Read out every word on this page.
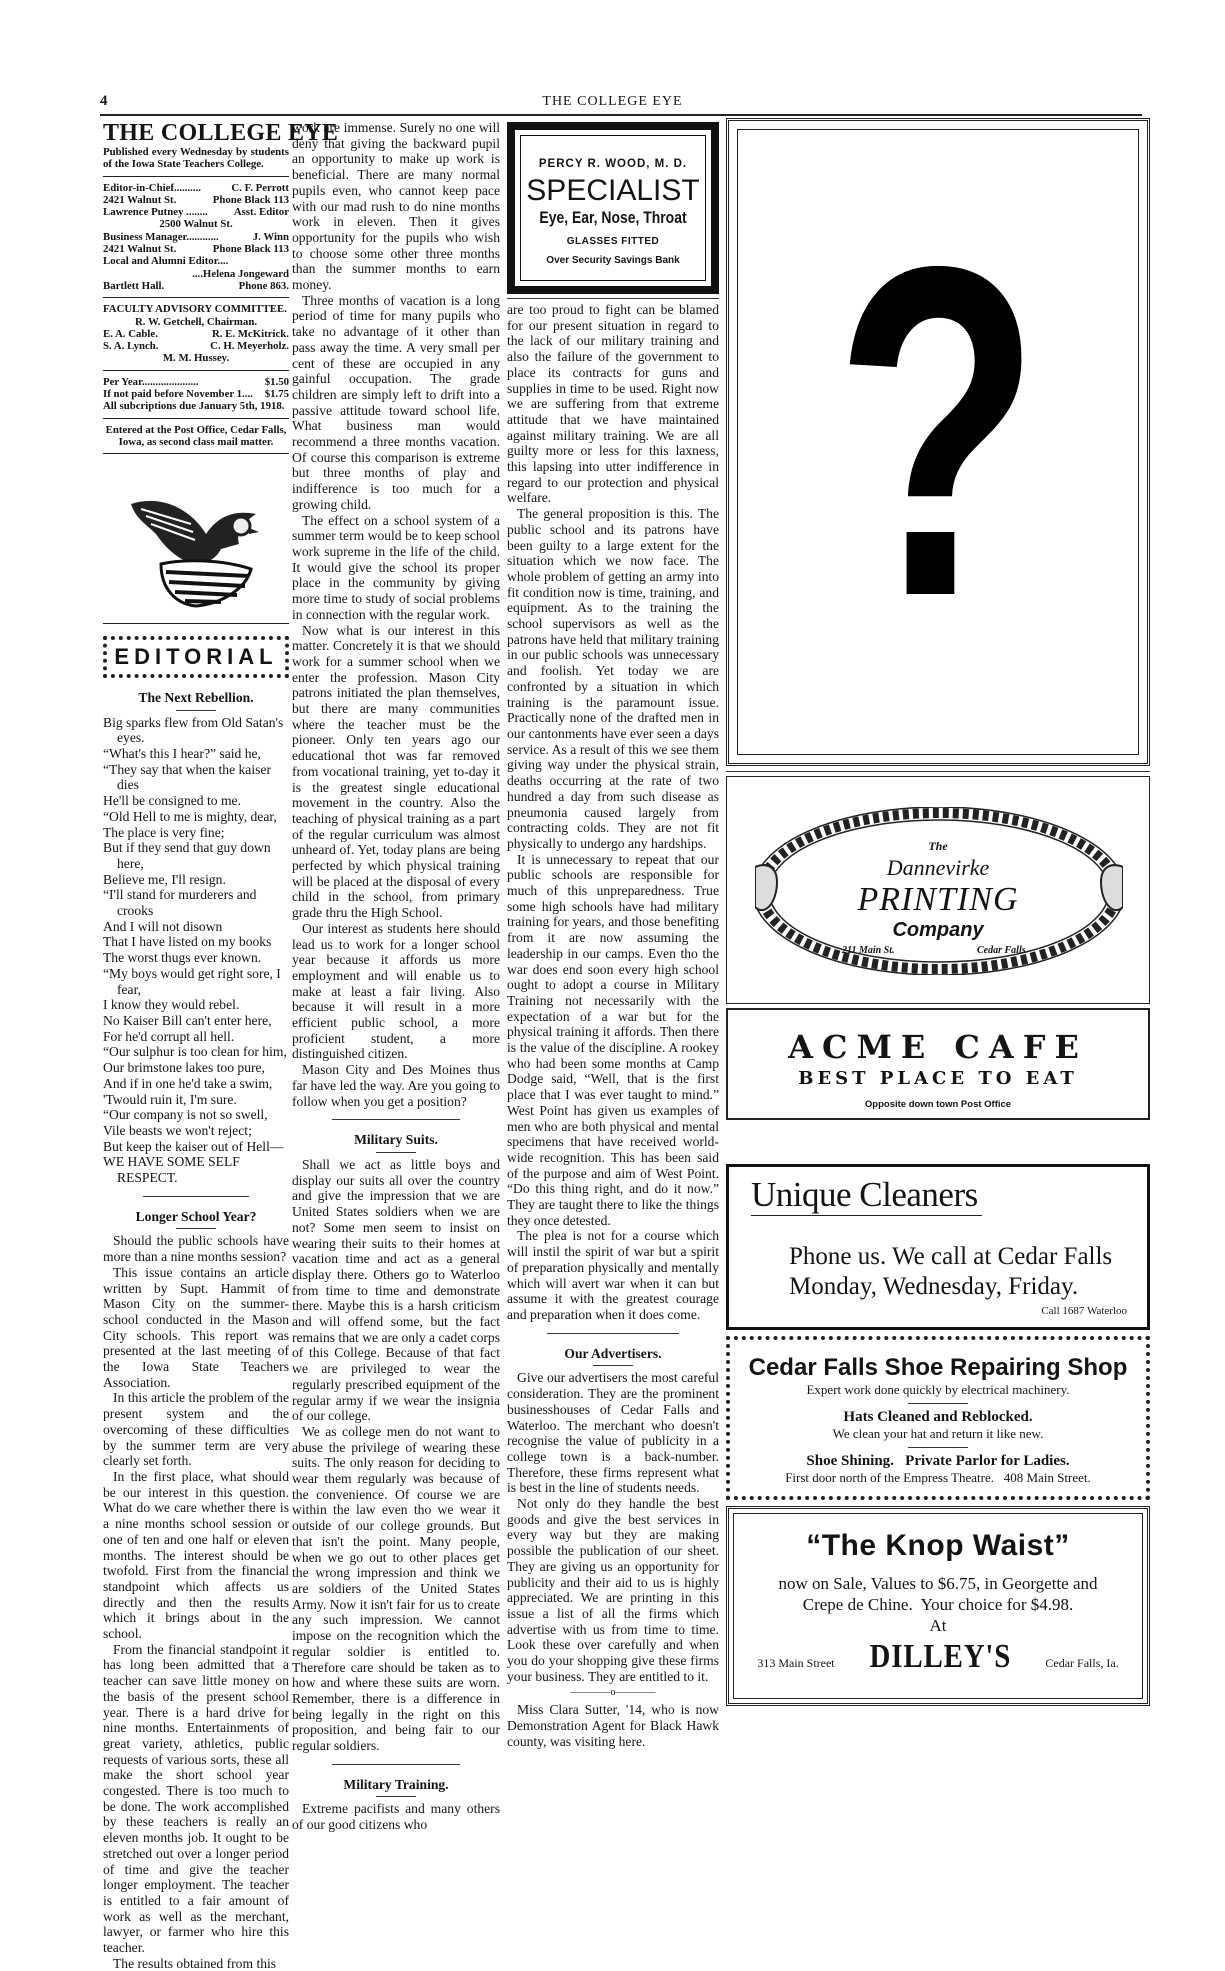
4	THE COLLEGE EYE
THE COLLEGE EYE
Published every Wednesday by students of the Iowa State Teachers College.
Editor-in-Chief..........	C. F. Perrott
2421 Walnut St.	Phone Black 113
Lawrence Putney ........ Asst. Editor
2500 Walnut St.
Business Manager............	J. Winn
2421 Walnut St.	Phone Black 113
Local and Alumni Editor....
....Helena Jongeward
Bartlett Hall.	Phone 863.
FACULTY ADVISORY COMMITTEE.
R. W. Getchell, Chairman.
E. A. Cable.	R. E. McKitrick.
S. A. Lynch.	C. H. Meyerholz.
M. M. Hussey.
Per Year.....................	$1.50
If not paid before November 1.... $1.75
All subcriptions due January 5th, 1918.
Entered at the Post Office, Cedar Falls, Iowa, as second class mail matter.
EDITORIAL
The Next Rebellion.
Big sparks flew from Old Satan's eyes.
“What's this I hear?” said he,
“They say that when the kaiser dies
He'll be consigned to me.
“Old Hell to me is mighty, dear,
The place is very fine;
But if they send that guy down here,
Believe me, I'll resign.
“I'll stand for murderers and crooks
And I will not disown
That I have listed on my books
The worst thugs ever known.
“My boys would get right sore, I fear,
I know they would rebel.
No Kaiser Bill can't enter here,
For he'd corrupt all hell.
“Our sulphur is too clean for him,
Our brimstone lakes too pure,
And if in one he'd take a swim,
'Twould ruin it, I'm sure.
“Our company is not so swell,
Vile beasts we won't reject;
But keep the kaiser out of Hell—
WE HAVE SOME SELF RESPECT.
Longer School Year?

Should the public schools have more than a nine months session?

This issue contains an article written by Supt. Hammit of Mason City on the summer-school conducted in the Mason City schools. This report was presented at the last meeting of the Iowa State Teachers Association.

In this article the problem of the present system and the overcoming of these difficulties by the summer term are very clearly set forth.

In the first place, what should be our interest in this question. What do we care whether there is a nine months school session or one of ten and one half or eleven months. The interest should be twofold. First from the financial standpoint which affects us directly and then the results which it brings about in the school.

From the financial standpoint it has long been admitted that a teacher can save little money on the basis of the present school year. There is a hard drive for nine months. Entertainments of great variety, athletics, public requests of various sorts, these all make the short school year congested. There is too much to be done. The work accomplished by these teachers is really an eleven months job. It ought to be stretched out over a longer period of time and give the teacher longer employment. The teacher is entitled to a fair amount of work as well as the merchant, lawyer, or farmer who hire this teacher.

The results obtained from this

work are immense. Surely no one will deny that giving the backward pupil an opportunity to make up work is beneficial. There are many normal pupils even, who cannot keep pace with our mad rush to do nine months work in eleven. Then it gives opportunity for the pupils who wish to choose some other three months than the summer months to earn money.

Three months of vacation is a long period of time for many pupils who take no advantage of it other than pass away the time. A very small per cent of these are occupied in any gainful occupation. The grade children are simply left to drift into a passive attitude toward school life. What business man would recommend a three months vacation. Of course this comparison is extreme but three months of play and indifference is too much for a growing child.

The effect on a school system of a summer term would be to keep school work supreme in the life of the child. It would give the school its proper place in the community by giving more time to study of social problems in connection with the regular work.

Now what is our interest in this matter. Concretely it is that we should work for a summer school when we enter the profession. Mason City patrons initiated the plan themselves, but there are many communities where the teacher must be the pioneer. Only ten years ago our educational thot was far removed from vocational training, yet to-day it is the greatest single educational movement in the country. Also the teaching of physical training as a part of the regular curriculum was almost unheard of. Yet, today plans are being perfected by which physical training will be placed at the disposal of every child in the school, from primary grade thru the High School.

Our interest as students here should lead us to work for a longer school year because it affords us more employment and will enable us to make at least a fair living. Also because it will result in a more efficient public school, a more proficient student, a more distinguished citizen.

Mason City and Des Moines thus far have led the way. Are you going to follow when you get a position?

Military Suits.

Shall we act as little boys and display our suits all over the country and give the impression that we are United States soldiers when we are not? Some men seem to insist on wearing their suits to their homes at vacation time and act as a general display there. Others go to Waterloo from time to time and demonstrate there. Maybe this is a harsh criticism and will offend some, but the fact remains that we are only a cadet corps of this College. Because of that fact we are privileged to wear the regularly prescribed equipment of the regular army if we wear the insignia of our college.

We as college men do not want to abuse the privilege of wearing these suits. The only reason for deciding to wear them regularly was because of the convenience. Of course we are within the law even tho we wear it outside of our college grounds. But that isn't the point. Many people, when we go out to other places get the wrong impression and think we are soldiers of the United States Army. Now it isn't fair for us to create any such impression. We cannot impose on the recognition which the regular soldier is entitled to. Therefore care should be taken as to how and where these suits are worn. Remember, there is a difference in being legally in the right on this proposition, and being fair to our regular soldiers.

Military Training.

Extreme pacifists and many others of our good citizens who

PERCY R. WOOD, M. D.
SPECIALIST
Eye, Ear, Nose, Throat
GLASSES FITTED
Over Security Savings Bank

are too proud to fight can be blamed for our present situation in regard to the lack of our military training and also the failure of the government to place its contracts for guns and supplies in time to be used. Right now we are suffering from that extreme attitude that we have maintained against military training. We are all guilty more or less for this laxness, this lapsing into utter indifference in regard to our protection and physical welfare.

The general proposition is this. The public school and its patrons have been guilty to a large extent for the situation which we now face. The whole problem of getting an army into fit condition now is time, training, and equipment. As to the training the school supervisors as well as the patrons have held that military training in our public schools was unnecessary and foolish. Yet today we are confronted by a situation in which training is the paramount issue. Practically none of the drafted men in our cantonments have ever seen a days service. As a result of this we see them giving way under the physical strain, deaths occurring at the rate of two hundred a day from such disease as pneumonia caused largely from contracting colds. They are not fit physically to undergo any hardships.

It is unnecessary to repeat that our public schools are responsible for much of this unpreparedness. True some high schools have had military training for years, and those benefiting from it are now assuming the leadership in our camps. Even tho the war does end soon every high school ought to adopt a course in Military Training not necessarily with the expectation of a war but for the physical training it affords. Then there is the value of the discipline. A rookey who had been some months at Camp Dodge said, “Well, that is the first place that I was ever taught to mind.” West Point has given us examples of men who are both physical and mental specimens that have received world-wide recognition. This has been said of the purpose and aim of West Point. “Do this thing right, and do it now.” They are taught there to like the things they once detested.

The plea is not for a course which will instil the spirit of war but a spirit of preparation physically and mentally which will avert war when it can but assume it with the greatest courage and preparation when it does come.

Our Advertisers.

Give our advertisers the most careful consideration. They are the prominent businesshouses of Cedar Falls and Waterloo. The merchant who doesn't recognise the value of publicity in a college town is a back-number. Therefore, these firms represent what is best in the line of students needs.

Not only do they handle the best goods and give the best services in every way but they are making possible the publication of our sheet. They are giving us an opportunity for publicity and their aid to us is highly appreciated. We are printing in this issue a list of all the firms which advertise with us from time to time. Look these over carefully and when you do your shopping give these firms your business. They are entitled to it.

————o————

Miss Clara Sutter, '14, who is now Demonstration Agent for Black Hawk county, was visiting here.

?
The
Dannevirke
PRINTING
Company
211 Main St.	Cedar Falls
ACME CAFE
BEST PLACE TO EAT
Opposite down town Post Office
Unique Cleaners
Phone us. We call at Cedar Falls
Monday, Wednesday, Friday.
Call 1687 Waterloo
Cedar Falls Shoe Repairing Shop
Expert work done quickly by electrical machinery.
Hats Cleaned and Reblocked.
We clean your hat and return it like new.
Shoe Shining.   Private Parlor for Ladies.
First door north of the Empress Theatre.   408 Main Street.
“The Knop Waist”
now on Sale, Values to $6.75, in Georgette and
Crepe de Chine.  Your choice for $4.98.
At
313 Main Street DILLEY'S	Cedar Falls, Ia.
